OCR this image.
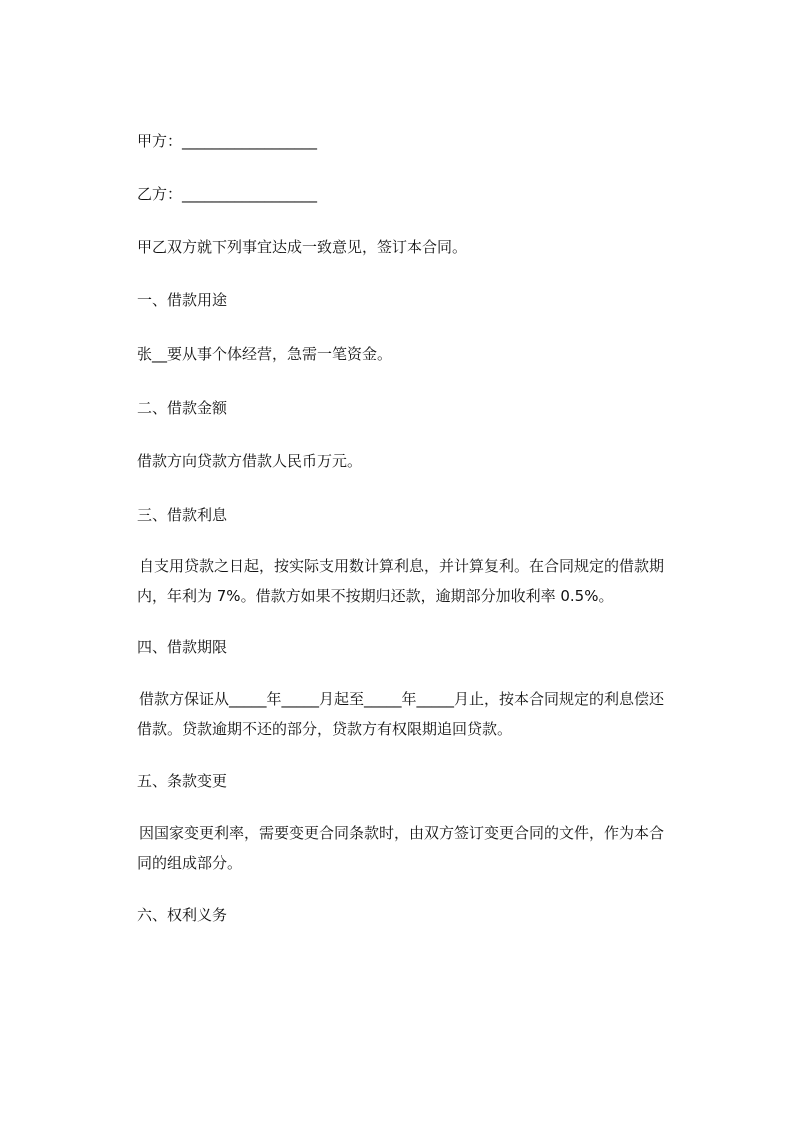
甲方：__________________
乙方：__________________
甲乙双方就下列事宜达成一致意见，签订本合同。
一、借款用途
张__要从事个体经营，急需一笔资金。
二、借款金额
借款方向贷款方借款人民币万元。
三、借款利息
自支用贷款之日起，按实际支用数计算利息，并计算复利。在合同规定的借款期
内，年利为 7%。借款方如果不按期归还款，逾期部分加收利率 0.5%。
四、借款期限
借款方保证从_____年_____月起至_____年_____月止，按本合同规定的利息偿还
借款。贷款逾期不还的部分，贷款方有权限期追回贷款。
五、条款变更
因国家变更利率，需要变更合同条款时，由双方签订变更合同的文件，作为本合
同的组成部分。
六、权利义务
